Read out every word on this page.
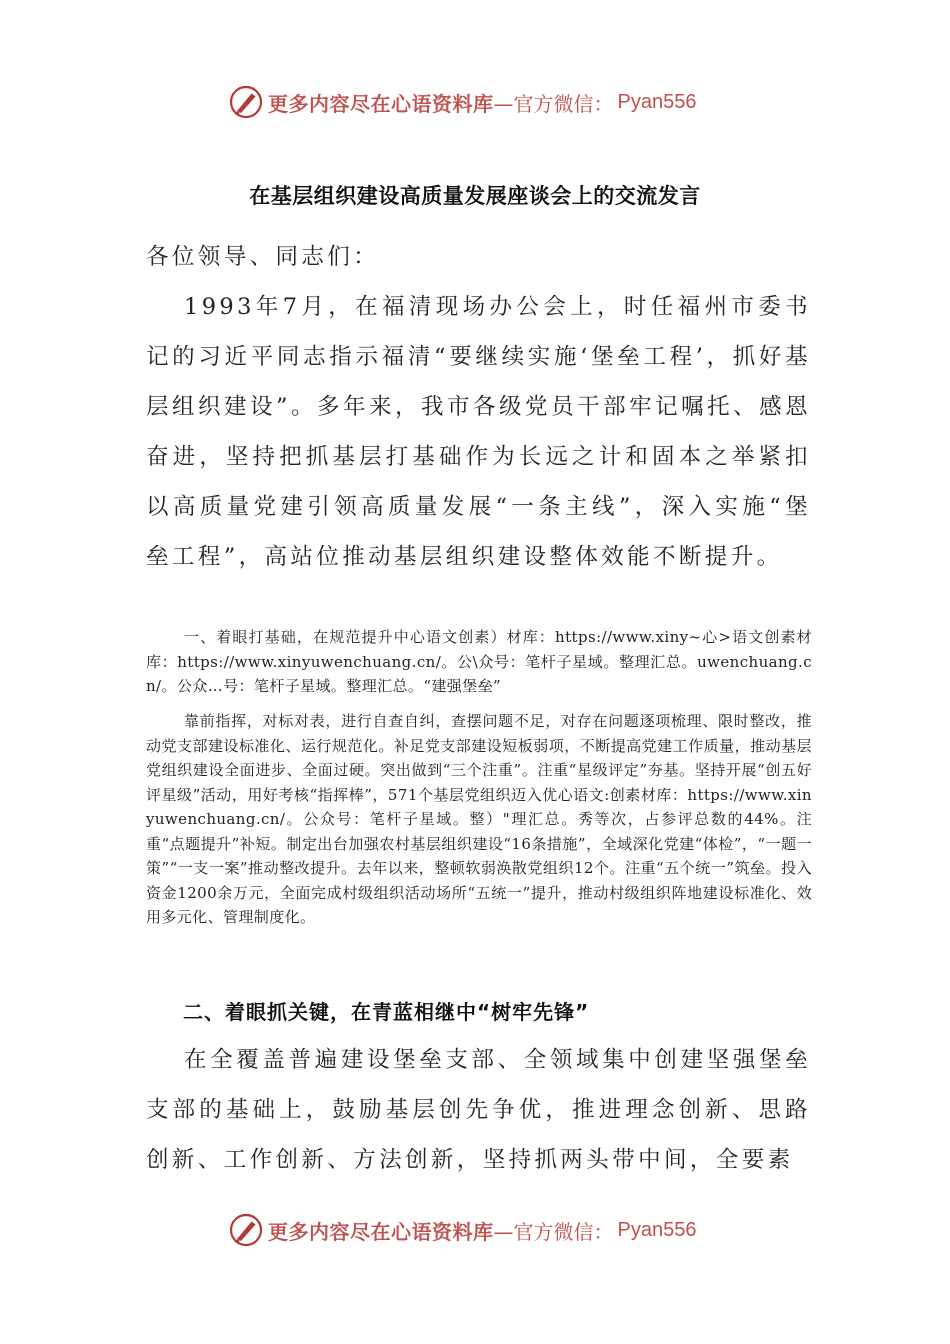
更多内容尽在心语资料库 —官方微信： Pyan556
在基层组织建设高质量发展座谈会上的交流发言
各位领导、同志们：
1993年7月，在福清现场办公会上，时任福州市委书记的习近平同志指示福清“要继续实施‘堡垒工程’，抓好基层组织建设”。多年来，我市各级党员干部牢记嘱托、感恩奋进，坚持把抓基层打基础作为长远之计和固本之举紧扣以高质量党建引领高质量发展“一条主线”，深入实施“堡垒工程”，高站位推动基层组织建设整体效能不断提升。
一、着眼打基础，在规范提升中心语文创素）材库：https://www.xiny~心>语文创素材库：https://www.xinyuwenchuang.cn/。公\众号：笔杆子星域。整理汇总。uwenchuang.cn/。公众…号：笔杆子星域。整理汇总。“建强堡垒”
靠前指挥，对标对表，进行自查自纠，查摆问题不足，对存在问题逐项梳理、限时整改，推动党支部建设标准化、运行规范化。补足党支部建设短板弱项，不断提高党建工作质量，推动基层党组织建设全面进步、全面过硬。突出做到“三个注重”。注重“星级评定”夯基。坚持开展“创五好评星级”活动，用好考核“指挥棒”，571个基层党组织迈入优心语文:创素材库：https://www.xinyuwenchuang.cn/。公众号：笔杆子星域。整）"理汇总。秀等次，占参评总数的44%。注重“点题提升”补短。制定出台加强农村基层组织建设“16条措施”，全域深化党建“体检”，“一题一策”“一支一案”推动整改提升。去年以来，整顿软弱涣散党组织12个。注重“五个统一”筑垒。投入资金1200余万元，全面完成村级组织活动场所“五统一”提升，推动村级组织阵地建设标准化、效用多元化、管理制度化。
二、着眼抓关键，在青蓝相继中“树牢先锋”
在全覆盖普遍建设堡垒支部、全领域集中创建坚强堡垒支部的基础上，鼓励基层创先争优，推进理念创新、思路创新、工作创新、方法创新，坚持抓两头带中间，全要素
更多内容尽在心语资料库 —官方微信： Pyan556
